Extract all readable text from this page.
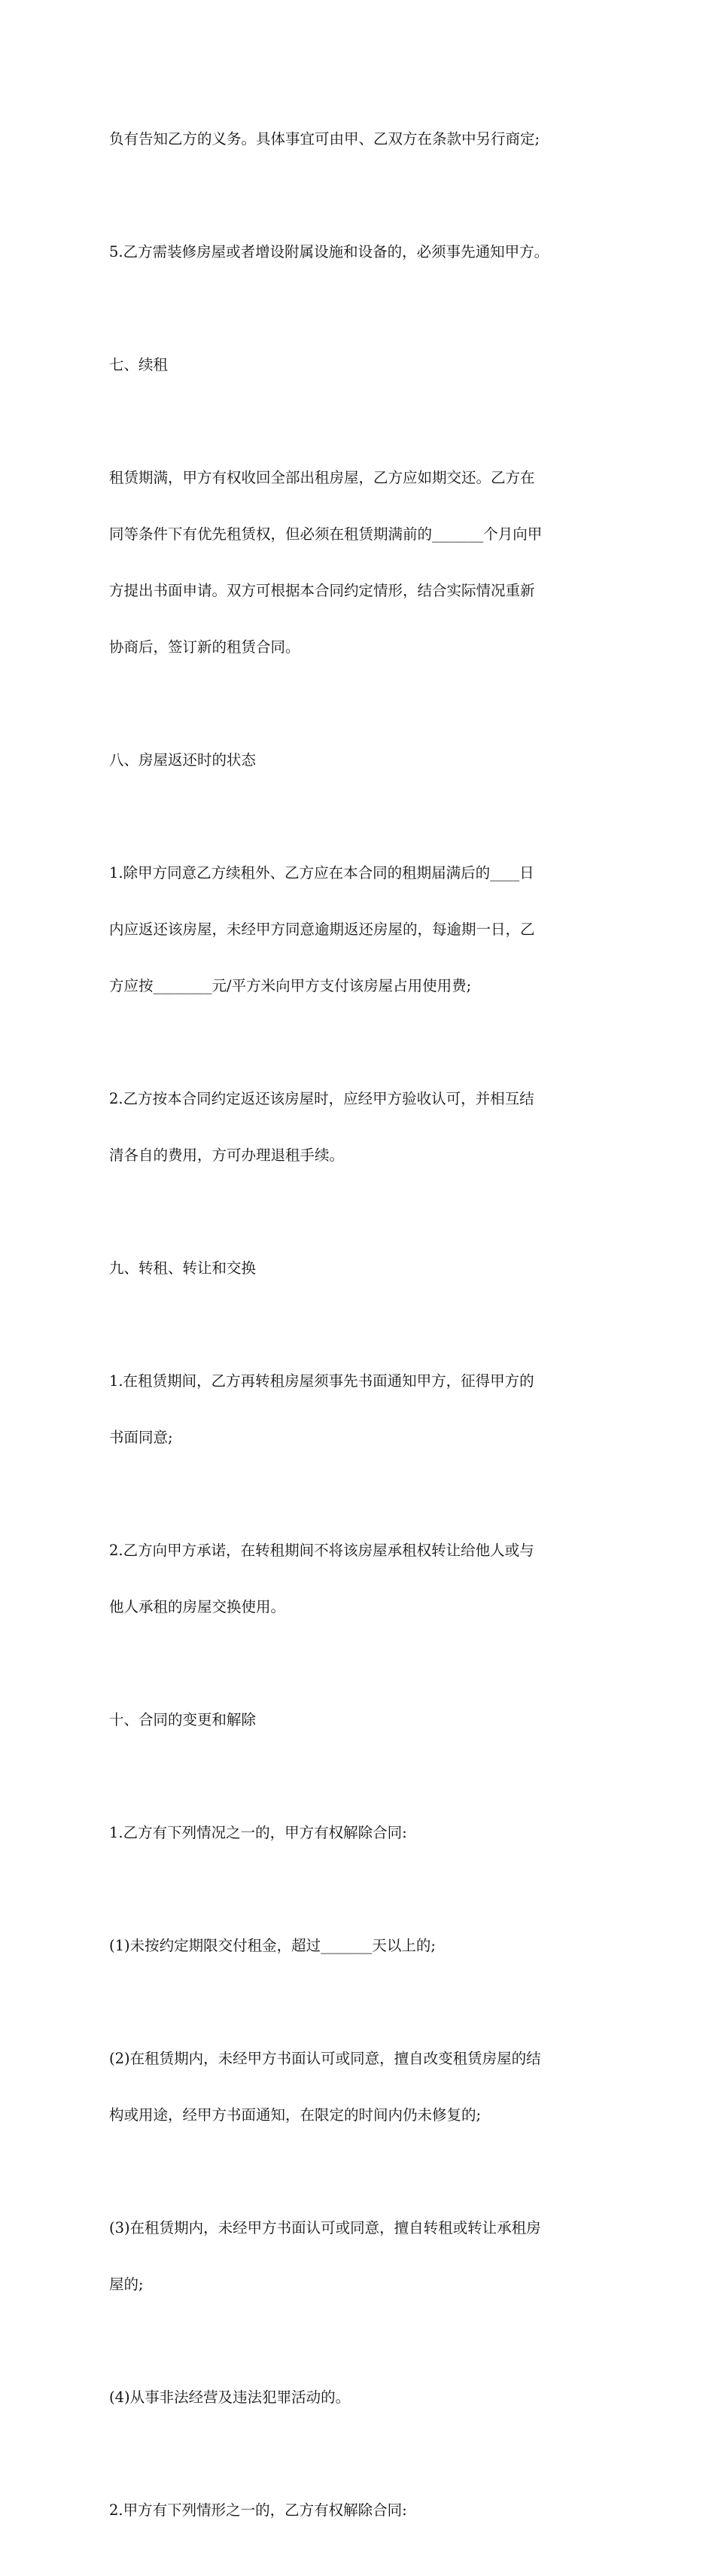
负有告知乙方的义务。具体事宜可由甲、乙双方在条款中另行商定;

5.乙方需装修房屋或者增设附属设施和设备的，必须事先通知甲方。

七、续租

租赁期满，甲方有权收回全部出租房屋，乙方应如期交还。乙方在

同等条件下有优先租赁权，但必须在租赁期满前的_______个月向甲

方提出书面申请。双方可根据本合同约定情形，结合实际情况重新

协商后，签订新的租赁合同。

八、房屋返还时的状态

1.除甲方同意乙方续租外、乙方应在本合同的租期届满后的____日

内应返还该房屋，未经甲方同意逾期返还房屋的，每逾期一日，乙

方应按________元/平方米向甲方支付该房屋占用使用费;

2.乙方按本合同约定返还该房屋时，应经甲方验收认可，并相互结

清各自的费用，方可办理退租手续。

九、转租、转让和交换

1.在租赁期间，乙方再转租房屋须事先书面通知甲方，征得甲方的

书面同意;

2.乙方向甲方承诺，在转租期间不将该房屋承租权转让给他人或与

他人承租的房屋交换使用。

十、合同的变更和解除

1.乙方有下列情况之一的，甲方有权解除合同:

(1)未按约定期限交付租金，超过_______天以上的;

(2)在租赁期内，未经甲方书面认可或同意，擅自改变租赁房屋的结

构或用途，经甲方书面通知，在限定的时间内仍未修复的;

(3)在租赁期内，未经甲方书面认可或同意，擅自转租或转让承租房

屋的;

(4)从事非法经营及违法犯罪活动的。

2.甲方有下列情形之一的，乙方有权解除合同:
